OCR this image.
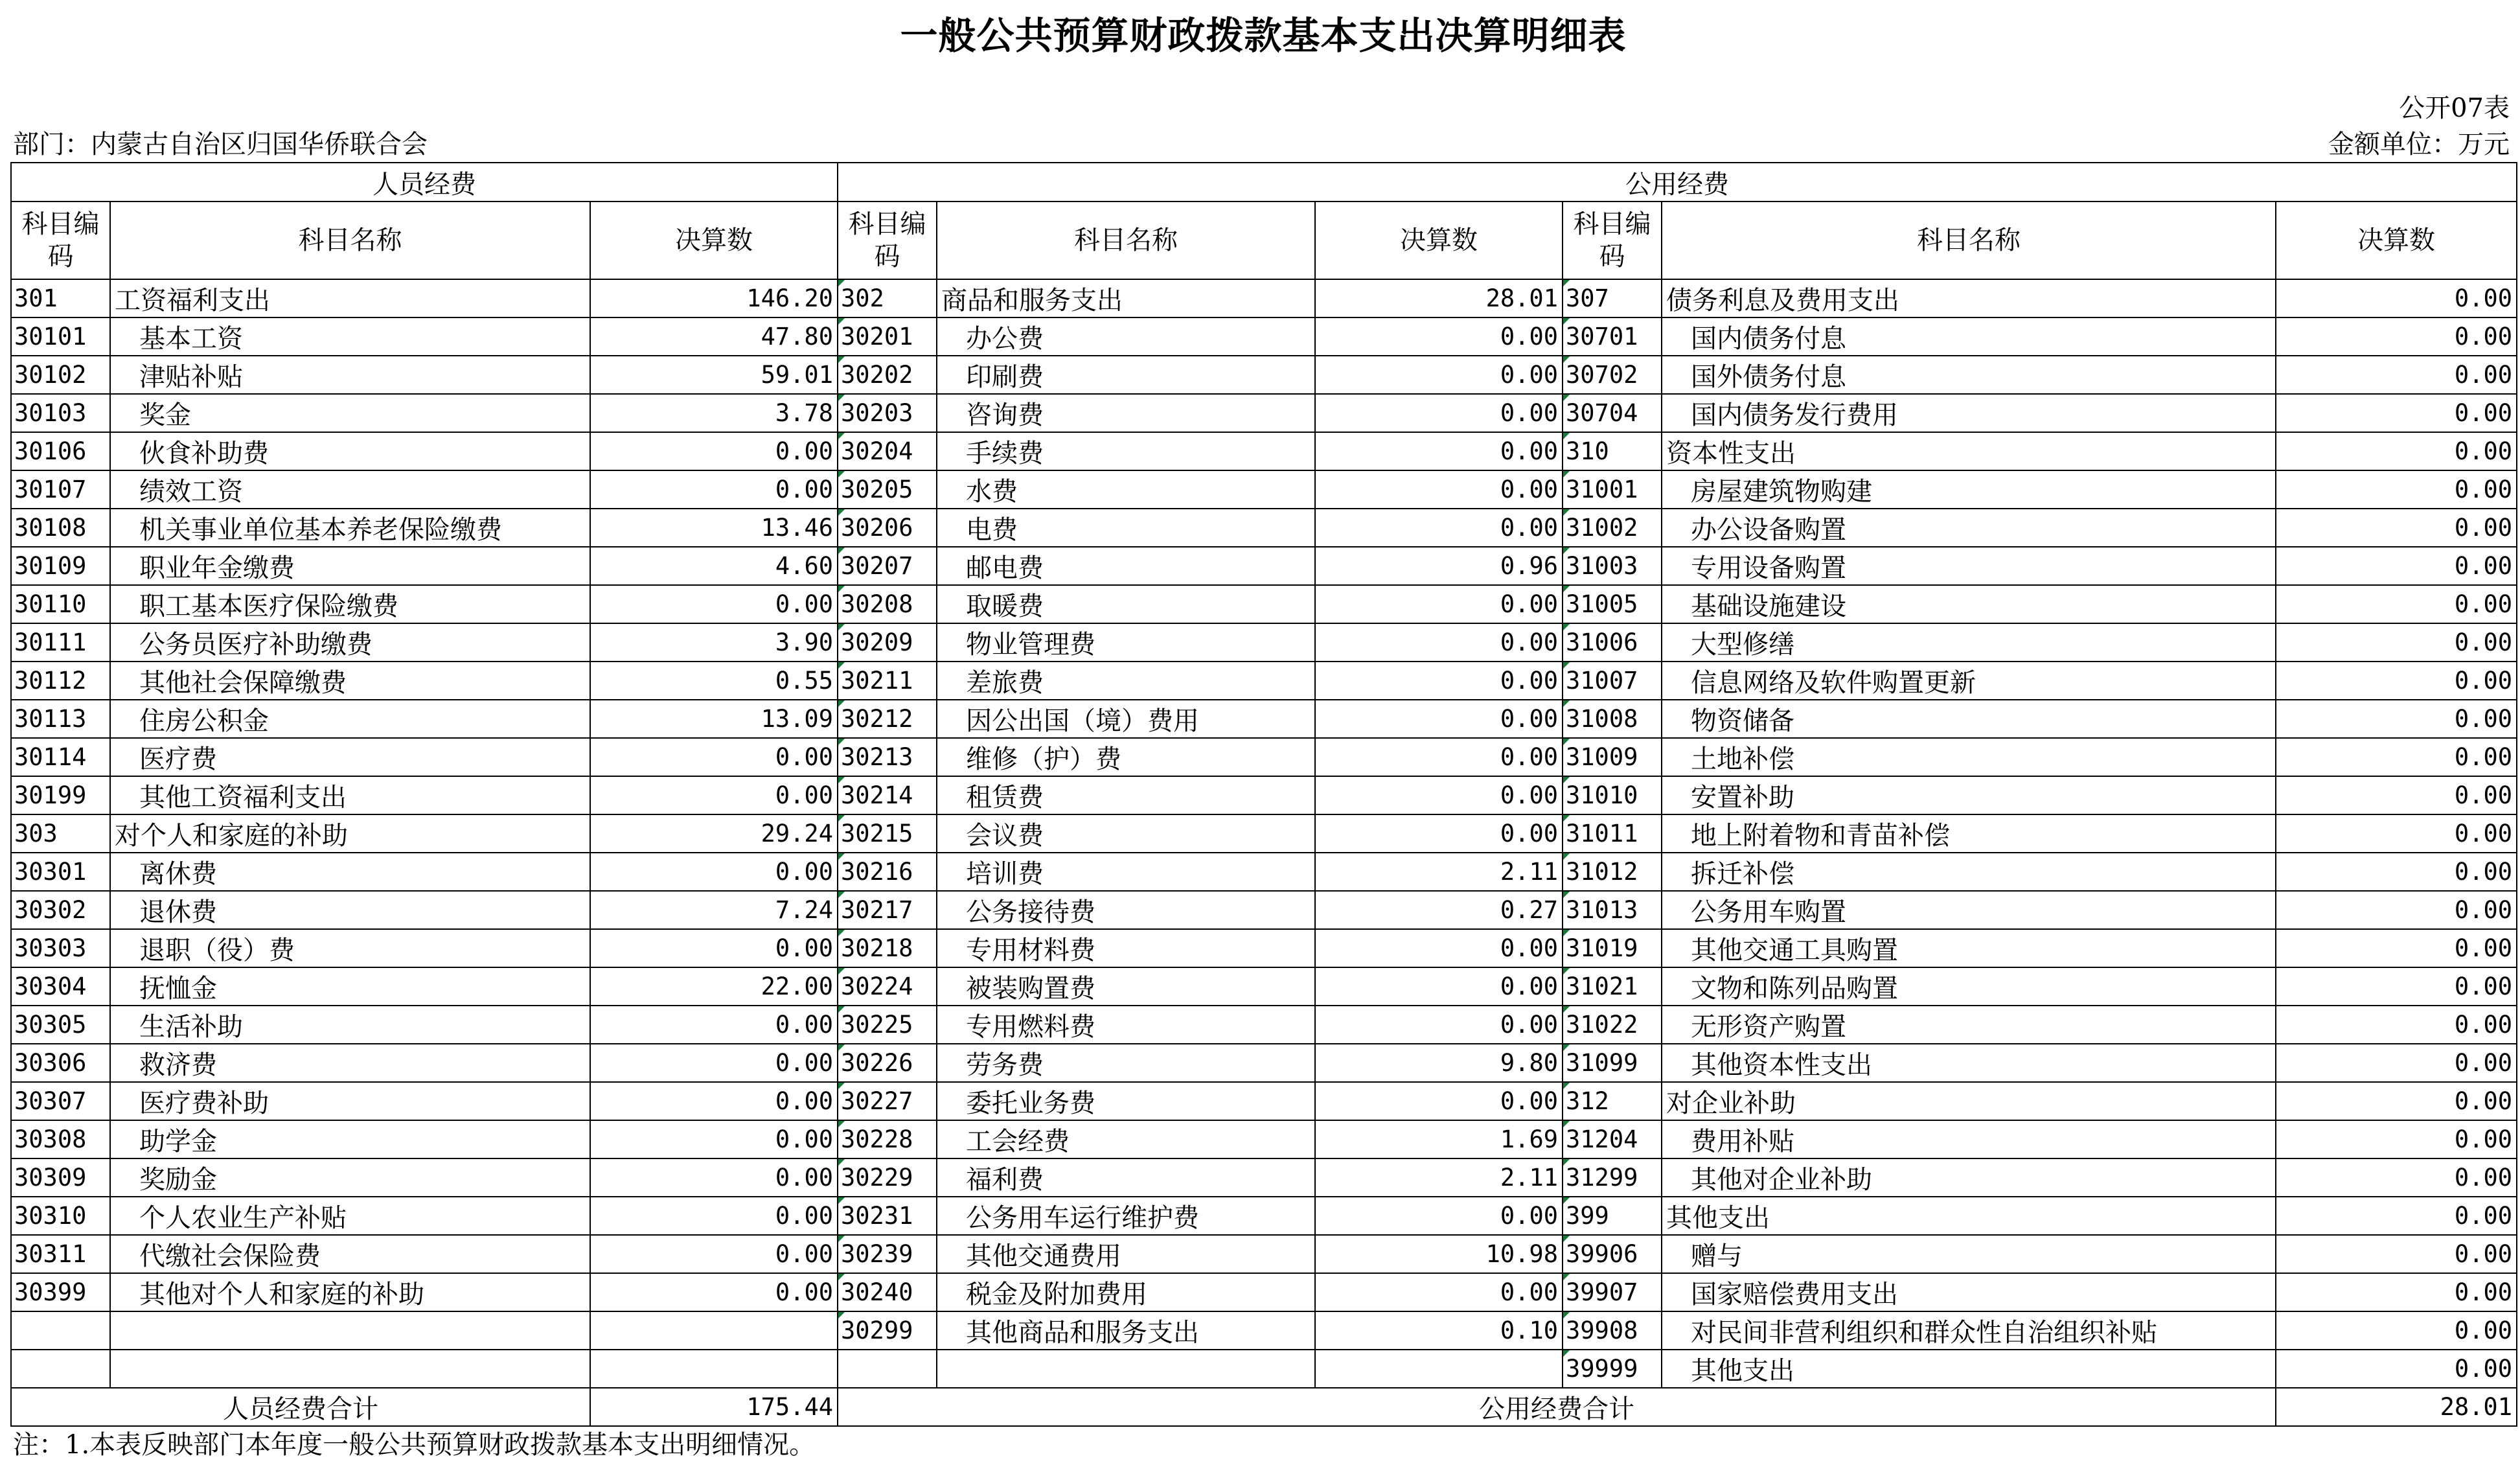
一般公共预算财政拨款基本支出决算明细表
公开07表
部门：内蒙古自治区归国华侨联合会	金额单位：万元
人员经费			公用经费					
科目编码	科目名称	决算数	科目编码	科目名称	决算数	科目编码	科目名称	决算数
301	工资福利支出	146.20	302	商品和服务支出	28.01	307	债务利息及费用支出	0.00
30101	基本工资	47.80	30201	办公费	0.00	30701	国内债务付息	0.00
30102	津贴补贴	59.01	30202	印刷费	0.00	30702	国外债务付息	0.00
30103	奖金	3.78	30203	咨询费	0.00	30704	国内债务发行费用	0.00
30106	伙食补助费	0.00	30204	手续费	0.00	310	资本性支出	0.00
30107	绩效工资	0.00	30205	水费	0.00	31001	房屋建筑物购建	0.00
30108	机关事业单位基本养老保险缴费	13.46	30206	电费	0.00	31002	办公设备购置	0.00
30109	职业年金缴费	4.60	30207	邮电费	0.96	31003	专用设备购置	0.00
30110	职工基本医疗保险缴费	0.00	30208	取暖费	0.00	31005	基础设施建设	0.00
30111	公务员医疗补助缴费	3.90	30209	物业管理费	0.00	31006	大型修缮	0.00
30112	其他社会保障缴费	0.55	30211	差旅费	0.00	31007	信息网络及软件购置更新	0.00
30113	住房公积金	13.09	30212	因公出国（境）费用	0.00	31008	物资储备	0.00
30114	医疗费	0.00	30213	维修（护）费	0.00	31009	土地补偿	0.00
30199	其他工资福利支出	0.00	30214	租赁费	0.00	31010	安置补助	0.00
303	对个人和家庭的补助	29.24	30215	会议费	0.00	31011	地上附着物和青苗补偿	0.00
30301	离休费	0.00	30216	培训费	2.11	31012	拆迁补偿	0.00
30302	退休费	7.24	30217	公务接待费	0.27	31013	公务用车购置	0.00
30303	退职（役）费	0.00	30218	专用材料费	0.00	31019	其他交通工具购置	0.00
30304	抚恤金	22.00	30224	被装购置费	0.00	31021	文物和陈列品购置	0.00
30305	生活补助	0.00	30225	专用燃料费	0.00	31022	无形资产购置	0.00
30306	救济费	0.00	30226	劳务费	9.80	31099	其他资本性支出	0.00
30307	医疗费补助	0.00	30227	委托业务费	0.00	312	对企业补助	0.00
30308	助学金	0.00	30228	工会经费	1.69	31204	费用补贴	0.00
30309	奖励金	0.00	30229	福利费	2.11	31299	其他对企业补助	0.00
30310	个人农业生产补贴	0.00	30231	公务用车运行维护费	0.00	399	其他支出	0.00
30311	代缴社会保险费	0.00	30239	其他交通费用	10.98	39906	赠与	0.00
30399	其他对个人和家庭的补助	0.00	30240	税金及附加费用	0.00	39907	国家赔偿费用支出	0.00
			30299	其他商品和服务支出	0.10	39908	对民间非营利组织和群众性自治组织补贴	0.00
						39999	其他支出	0.00
人员经费合计		175.44	公用经费合计					28.01
注：1.本表反映部门本年度一般公共预算财政拨款基本支出明细情况。
